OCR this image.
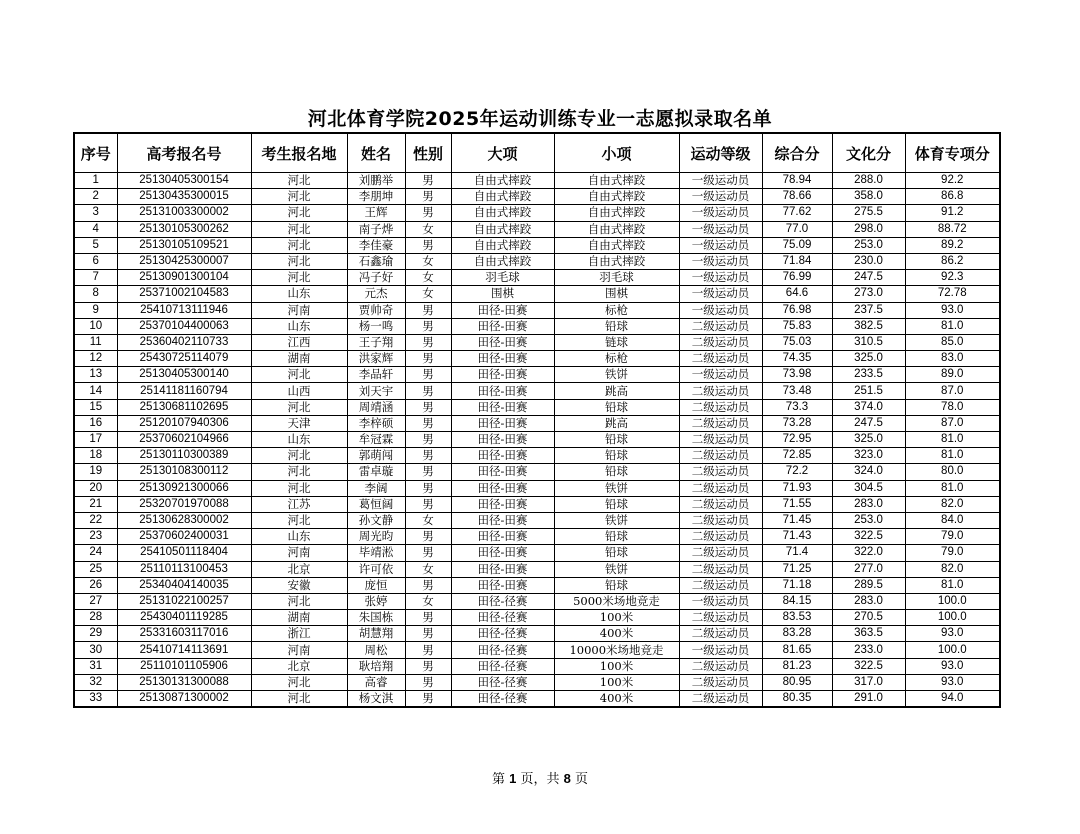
河北体育学院2025年运动训练专业一志愿拟录取名单
序号	高考报名号	考生报名地	姓名	性别	大项	小项	运动等级	综合分	文化分	体育专项分
1	25130405300154	河北	刘鹏举	男	自由式摔跤	自由式摔跤	一级运动员	78.94	288.0	92.2
2	25130435300015	河北	李朋坤	男	自由式摔跤	自由式摔跤	一级运动员	78.66	358.0	86.8
3	25131003300002	河北	王辉	男	自由式摔跤	自由式摔跤	一级运动员	77.62	275.5	91.2
4	25130105300262	河北	南子烨	女	自由式摔跤	自由式摔跤	一级运动员	77.0	298.0	88.72
5	25130105109521	河北	李佳豪	男	自由式摔跤	自由式摔跤	一级运动员	75.09	253.0	89.2
6	25130425300007	河北	石鑫瑜	女	自由式摔跤	自由式摔跤	一级运动员	71.84	230.0	86.2
7	25130901300104	河北	冯子好	女	羽毛球	羽毛球	一级运动员	76.99	247.5	92.3
8	25371002104583	山东	元杰	女	围棋	围棋	一级运动员	64.6	273.0	72.78
9	25410713111946	河南	贾帅奇	男	田径-田赛	标枪	一级运动员	76.98	237.5	93.0
10	25370104400063	山东	杨一鸣	男	田径-田赛	铅球	二级运动员	75.83	382.5	81.0
11	25360402110733	江西	王子翔	男	田径-田赛	链球	二级运动员	75.03	310.5	85.0
12	25430725114079	湖南	洪家辉	男	田径-田赛	标枪	二级运动员	74.35	325.0	83.0
13	25130405300140	河北	李品轩	男	田径-田赛	铁饼	一级运动员	73.98	233.5	89.0
14	25141181160794	山西	刘天宇	男	田径-田赛	跳高	二级运动员	73.48	251.5	87.0
15	25130681102695	河北	周靖涵	男	田径-田赛	铅球	二级运动员	73.3	374.0	78.0
16	25120107940306	天津	李梓硕	男	田径-田赛	跳高	二级运动员	73.28	247.5	87.0
17	25370602104966	山东	牟冠霖	男	田径-田赛	铅球	二级运动员	72.95	325.0	81.0
18	25130110300389	河北	郭萌闯	男	田径-田赛	铅球	二级运动员	72.85	323.0	81.0
19	25130108300112	河北	雷卓璇	男	田径-田赛	铅球	二级运动员	72.2	324.0	80.0
20	25130921300066	河北	李阔	男	田径-田赛	铁饼	二级运动员	71.93	304.5	81.0
21	25320701970088	江苏	葛恒阔	男	田径-田赛	铅球	二级运动员	71.55	283.0	82.0
22	25130628300002	河北	孙文静	女	田径-田赛	铁饼	二级运动员	71.45	253.0	84.0
23	25370602400031	山东	周光昀	男	田径-田赛	铅球	二级运动员	71.43	322.5	79.0
24	25410501118404	河南	毕靖淞	男	田径-田赛	铅球	二级运动员	71.4	322.0	79.0
25	25110113100453	北京	许可依	女	田径-田赛	铁饼	二级运动员	71.25	277.0	82.0
26	25340404140035	安徽	庞恒	男	田径-田赛	铅球	二级运动员	71.18	289.5	81.0
27	25131022100257	河北	张婷	女	田径-径赛	5000米场地竞走	一级运动员	84.15	283.0	100.0
28	25430401119285	湖南	朱国栋	男	田径-径赛	100米	二级运动员	83.53	270.5	100.0
29	25331603117016	浙江	胡慧翔	男	田径-径赛	400米	二级运动员	83.28	363.5	93.0
30	25410714113691	河南	周松	男	田径-径赛	10000米场地竞走	一级运动员	81.65	233.0	100.0
31	25110101105906	北京	耿培翔	男	田径-径赛	100米	二级运动员	81.23	322.5	93.0
32	25130131300088	河北	高睿	男	田径-径赛	100米	二级运动员	80.95	317.0	93.0
33	25130871300002	河北	杨文淇	男	田径-径赛	400米	二级运动员	80.35	291.0	94.0
第 1 页，共 8 页
